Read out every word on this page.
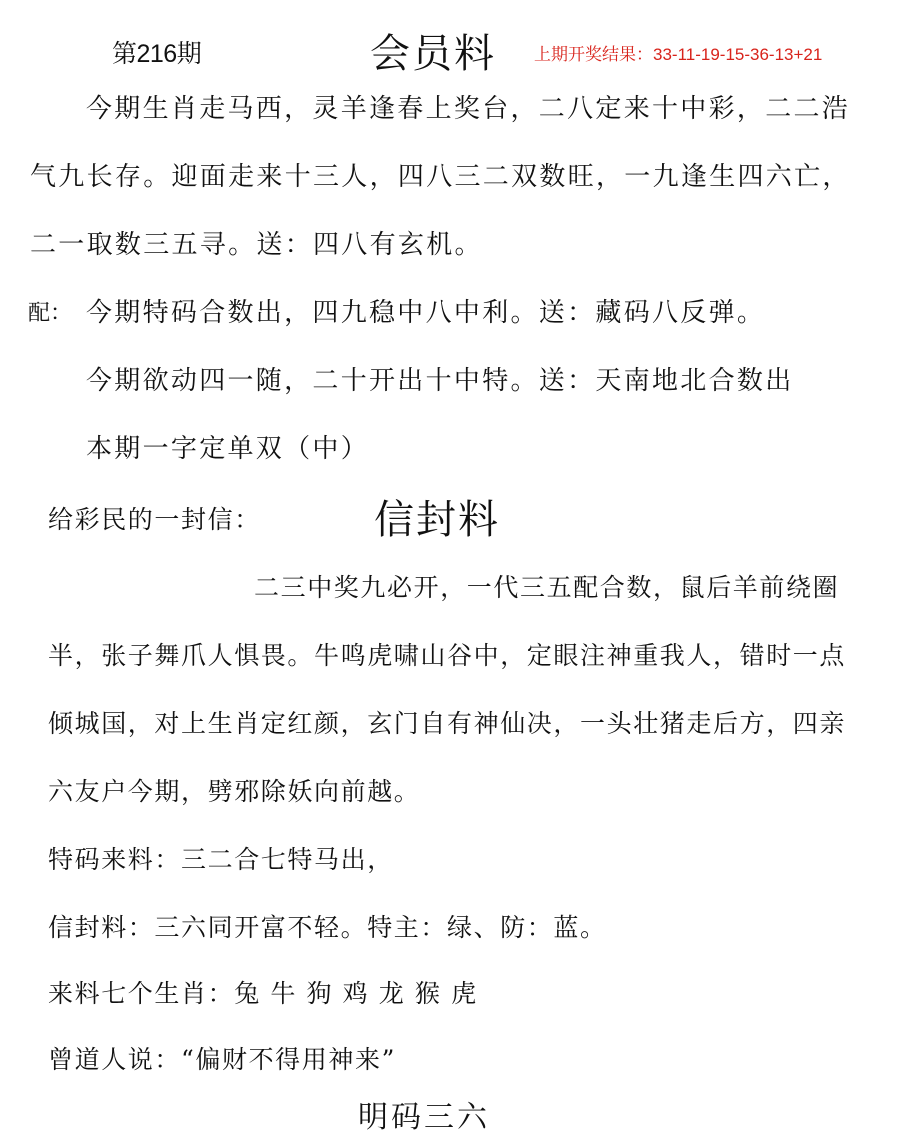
第216期	会员料 上期开奖结果：33-11-19-15-36-13+21
今期生肖走马西，灵羊逢春上奖台，二八定来十中彩，二二浩
气九长存。迎面走来十三人，四八三二双数旺，一九逢生四六亡，
二一取数三五寻。送：四八有玄机。
配： 今期特码合数出，四九稳中八中利。送：藏码八反弹。
今期欲动四一随，二十开出十中特。送：天南地北合数出
本期一字定单双（中）
给彩民的一封信：	信封料
二三中奖九必开，一代三五配合数，鼠后羊前绕圈
半，张子舞爪人惧畏。牛鸣虎啸山谷中，定眼注神重我人，错时一点
倾城国，对上生肖定红颜，玄门自有神仙决，一头壮猪走后方，四亲
六友户今期，劈邪除妖向前越。
特码来料：三二合七特马出，
信封料：三六同开富不轻。特主：绿、防：蓝。
来料七个生肖：兔 牛 狗 鸡 龙 猴 虎
曾道人说：“偏财不得用神来”
明码三六
